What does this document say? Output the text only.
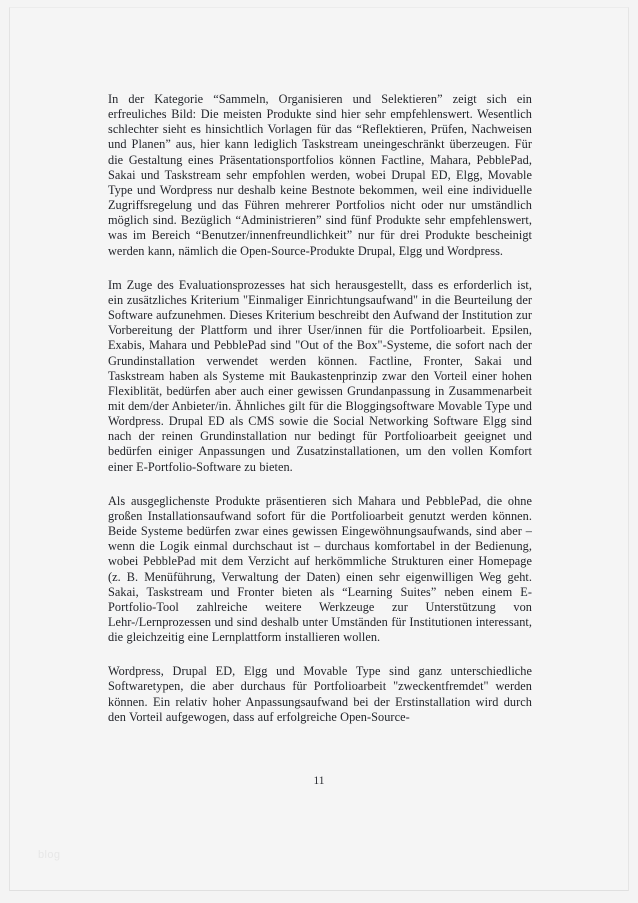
In der Kategorie “Sammeln, Organisieren und Selektieren” zeigt sich ein erfreuliches Bild: Die meisten Produkte sind hier sehr empfehlenswert. Wesentlich schlechter sieht es hinsichtlich Vorlagen für das “Reflektieren, Prüfen, Nachweisen und Planen” aus, hier kann lediglich Taskstream uneingeschränkt überzeugen. Für die Gestaltung eines Präsentationsportfolios können Factline, Mahara, PebblePad, Sakai und Taskstream sehr empfohlen werden, wobei Drupal ED, Elgg, Movable Type und Wordpress nur deshalb keine Bestnote bekommen, weil eine individuelle Zugriffsregelung und das Führen mehrerer Portfolios nicht oder nur umständlich möglich sind. Bezüglich “Administrieren” sind fünf Produkte sehr empfehlenswert, was im Bereich “Benutzer/innenfreundlichkeit” nur für drei Produkte bescheinigt werden kann, nämlich die Open-Source-Produkte Drupal, Elgg und Wordpress.

Im Zuge des Evaluationsprozesses hat sich herausgestellt, dass es erforderlich ist, ein zusätzliches Kriterium "Einmaliger Einrichtungsaufwand" in die Beurteilung der Software aufzunehmen. Dieses Kriterium beschreibt den Aufwand der Institution zur Vorbereitung der Plattform und ihrer User/innen für die Portfolioarbeit. Epsilen, Exabis, Mahara und PebblePad sind "Out of the Box"-Systeme, die sofort nach der Grundinstallation verwendet werden können. Factline, Fronter, Sakai und Taskstream haben als Systeme mit Baukastenprinzip zwar den Vorteil einer hohen Flexiblität, bedürfen aber auch einer gewissen Grundanpassung in Zusammenarbeit mit dem/der Anbieter/in. Ähnliches gilt für die Bloggingsoftware Movable Type und Wordpress. Drupal ED als CMS sowie die Social Networking Software Elgg sind nach der reinen Grundinstallation nur bedingt für Portfolioarbeit geeignet und bedürfen einiger Anpassungen und Zusatzinstallationen, um den vollen Komfort einer E-Portfolio-Software zu bieten.

Als ausgeglichenste Produkte präsentieren sich Mahara und PebblePad, die ohne großen Installationsaufwand sofort für die Portfolioarbeit genutzt werden können. Beide Systeme bedürfen zwar eines gewissen Eingewöhnungsaufwands, sind aber – wenn die Logik einmal durchschaut ist – durchaus komfortabel in der Bedienung, wobei PebblePad mit dem Verzicht auf herkömmliche Strukturen einer Homepage (z. B. Menüführung, Verwaltung der Daten) einen sehr eigenwilligen Weg geht. Sakai, Taskstream und Fronter bieten als “Learning Suites” neben einem E-Portfolio-Tool zahlreiche weitere Werkzeuge zur Unterstützung von Lehr-/Lernprozessen und sind deshalb unter Umständen für Institutionen interessant, die gleichzeitig eine Lernplattform installieren wollen.

Wordpress, Drupal ED, Elgg und Movable Type sind ganz unterschiedliche Softwaretypen, die aber durchaus für Portfolioarbeit "zweckentfremdet" werden können. Ein relativ hoher Anpassungsaufwand bei der Erstinstallation wird durch den Vorteil aufgewogen, dass auf erfolgreiche Open-Source-

11
blog
